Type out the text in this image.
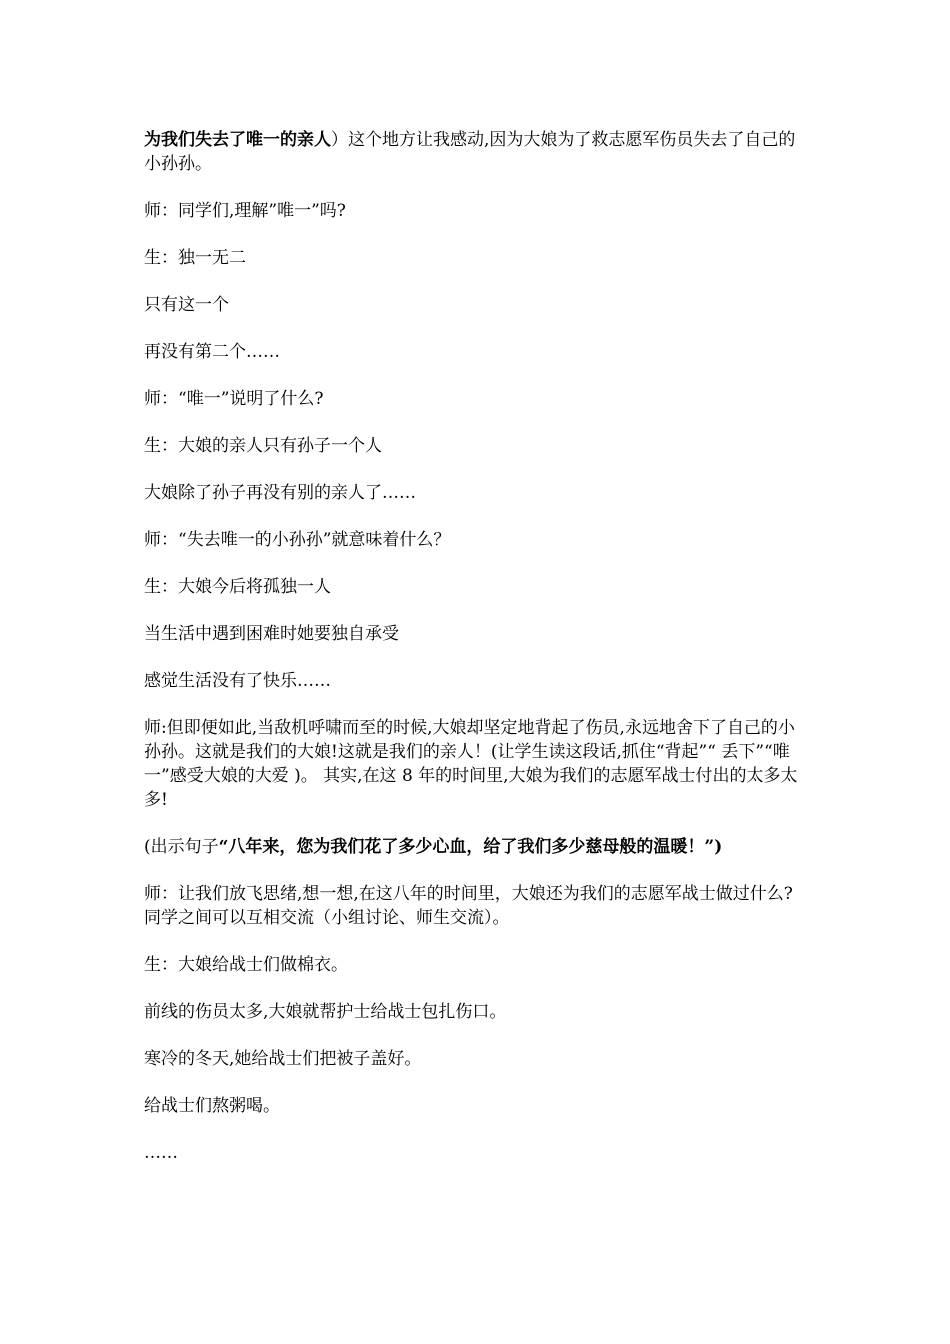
为我们失去了唯一的亲人）这个地方让我感动,因为大娘为了救志愿军伤员失去了自己的小孙孙。

师：同学们,理解”唯一”吗?

生：独一无二

只有这一个

再没有第二个……

师：“唯一”说明了什么?

生：大娘的亲人只有孙子一个人

大娘除了孙子再没有别的亲人了……

师：“失去唯一的小孙孙”就意味着什么？

生：大娘今后将孤独一人

当生活中遇到困难时她要独自承受

感觉生活没有了快乐……

师:但即便如此,当敌机呼啸而至的时候,大娘却坚定地背起了伤员,永远地舍下了自己的小孙孙。这就是我们的大娘!这就是我们的亲人！(让学生读这段话,抓住“背起”“ 丢下”“唯一”感受大娘的大爱 )。 其实,在这 8 年的时间里,大娘为我们的志愿军战士付出的太多太多!

(出示句子“八年来，您为我们花了多少心血，给了我们多少慈母般的温暖！”)

师：让我们放飞思绪,想一想,在这八年的时间里，大娘还为我们的志愿军战士做过什么?同学之间可以互相交流（小组讨论、师生交流）。

生：大娘给战士们做棉衣。

前线的伤员太多,大娘就帮护士给战士包扎伤口。

寒冷的冬天,她给战士们把被子盖好。

给战士们熬粥喝。

……
